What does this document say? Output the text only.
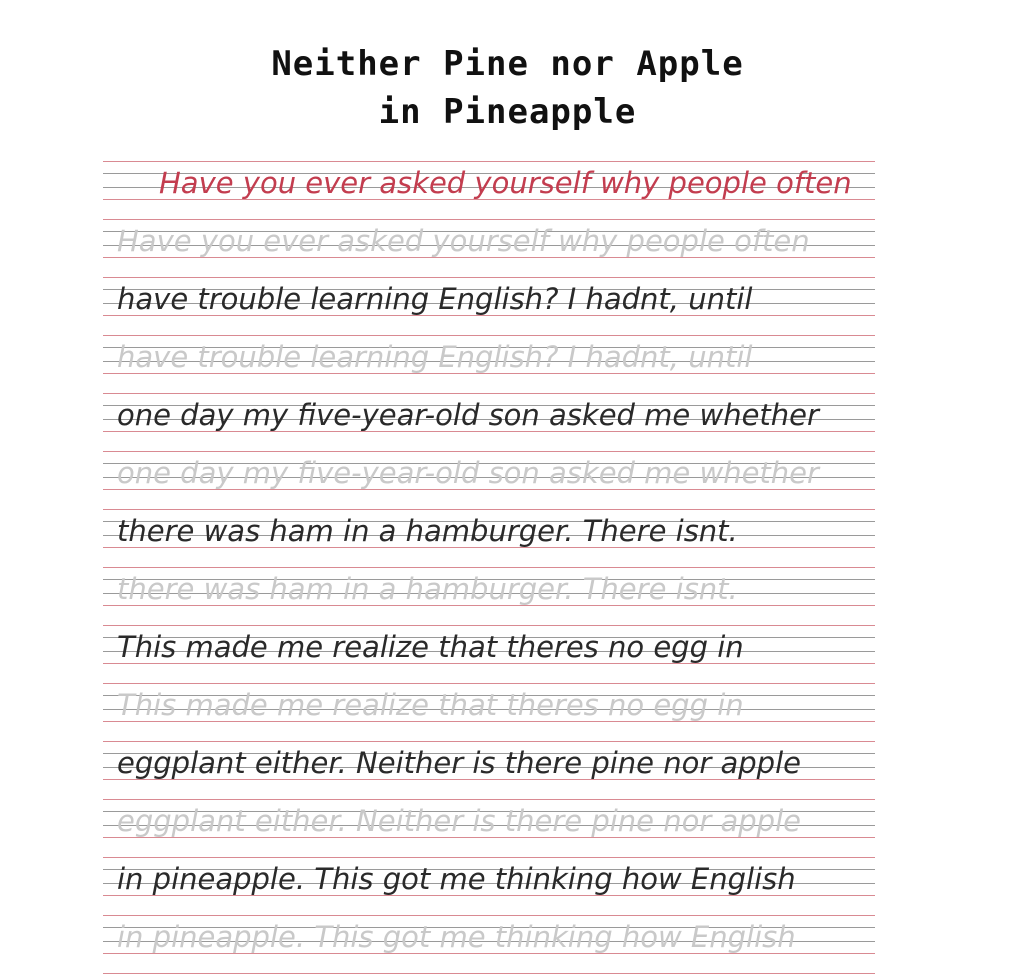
Neither Pine nor Apple
in Pineapple
Have you ever asked yourself why people often
Have you ever asked yourself why people often
have trouble learning English? I hadnt, until
have trouble learning English? I hadnt, until
one day my five-year-old son asked me whether
one day my five-year-old son asked me whether
there was ham in a hamburger. There isnt.
there was ham in a hamburger. There isnt.
This made me realize that theres no egg in
This made me realize that theres no egg in
eggplant either. Neither is there pine nor apple
eggplant either. Neither is there pine nor apple
in pineapple. This got me thinking how English
in pineapple. This got me thinking how English
